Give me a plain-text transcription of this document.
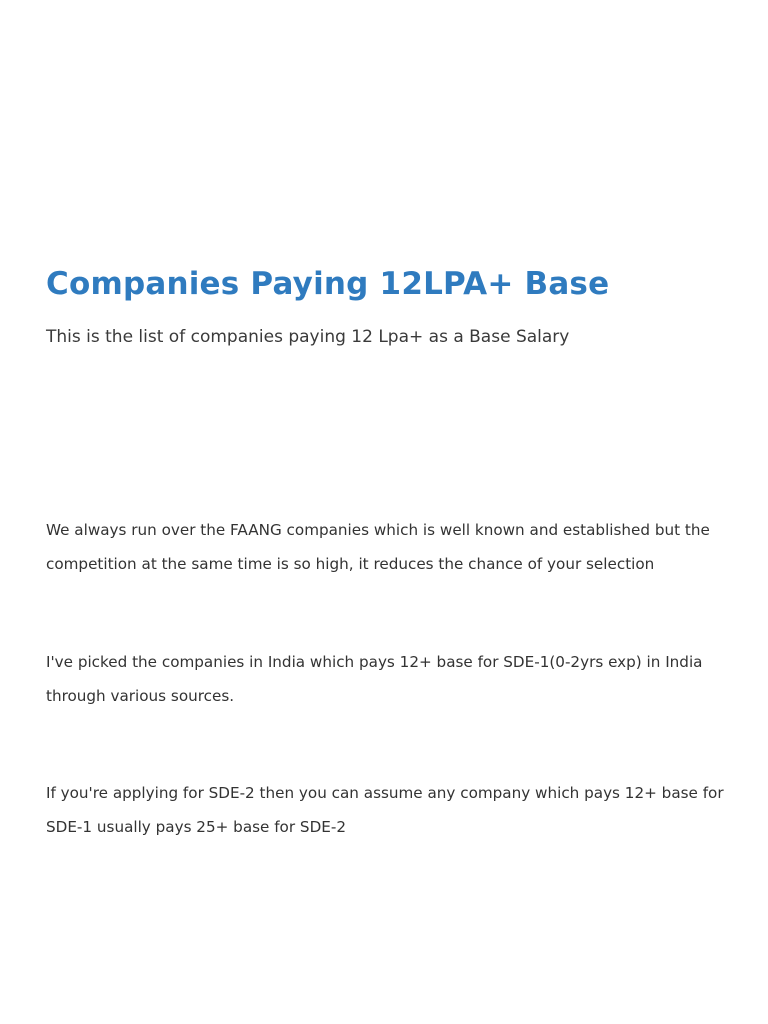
Companies Paying 12LPA+ Base

This is the list of companies paying 12 Lpa+ as a Base Salary

We always run over the FAANG companies which is well known and established but the competition at the same time is so high, it reduces the chance of your selection

I've picked the companies in India which pays 12+ base for SDE-1(0-2yrs exp) in India through various sources.

If you're applying for SDE-2 then you can assume any company which pays 12+ base for SDE-1 usually pays 25+ base for SDE-2
